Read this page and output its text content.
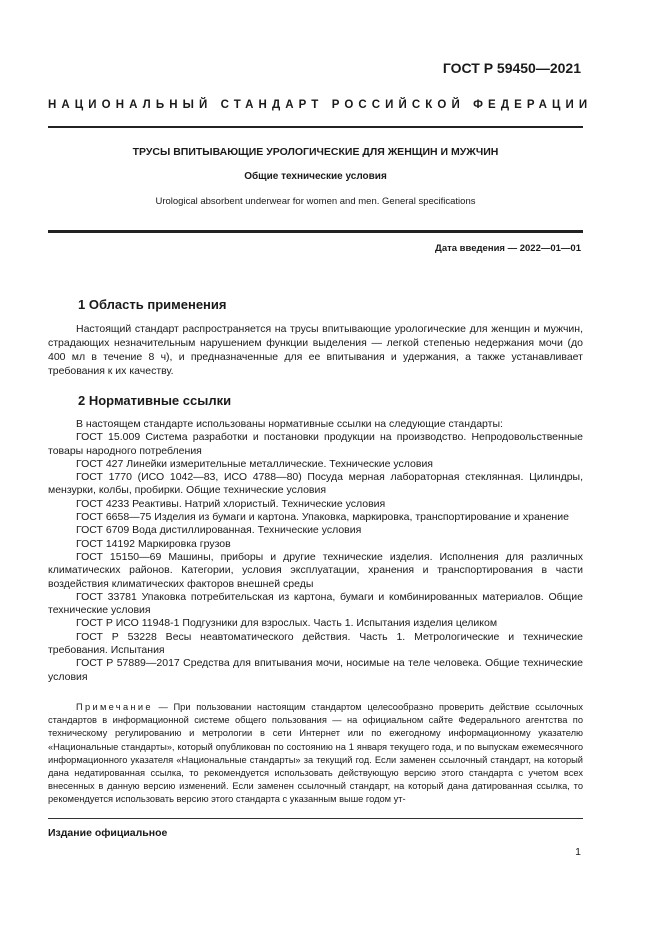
ГОСТ Р 59450—2021
НАЦИОНАЛЬНЫЙ СТАНДАРТ РОССИЙСКОЙ ФЕДЕРАЦИИ
ТРУСЫ ВПИТЫВАЮЩИЕ УРОЛОГИЧЕСКИЕ ДЛЯ ЖЕНЩИН И МУЖЧИН
Общие технические условия
Urological absorbent underwear for women and men. General specifications
Дата введения — 2022—01—01
1 Область применения

Настоящий стандарт распространяется на трусы впитывающие урологические для женщин и мужчин, страдающих незначительным нарушением функции выделения — легкой степенью недержания мочи (до 400 мл в течение 8 ч), и предназначенные для ее впитывания и удержания, а также устанавливает требования к их качеству.

2 Нормативные ссылки

В настоящем стандарте использованы нормативные ссылки на следующие стандарты:

ГОСТ 15.009 Система разработки и постановки продукции на производство. Непродовольственные товары народного потребления

ГОСТ 427 Линейки измерительные металлические. Технические условия

ГОСТ 1770 (ИСО 1042—83, ИСО 4788—80) Посуда мерная лабораторная стеклянная. Цилиндры, мензурки, колбы, пробирки. Общие технические условия

ГОСТ 4233 Реактивы. Натрий хлористый. Технические условия

ГОСТ 6658—75 Изделия из бумаги и картона. Упаковка, маркировка, транспортирование и хранение

ГОСТ 6709 Вода дистиллированная. Технические условия

ГОСТ 14192 Маркировка грузов

ГОСТ 15150—69 Машины, приборы и другие технические изделия. Исполнения для различных климатических районов. Категории, условия эксплуатации, хранения и транспортирования в части воздействия климатических факторов внешней среды

ГОСТ 33781 Упаковка потребительская из картона, бумаги и комбинированных материалов. Общие технические условия

ГОСТ Р ИСО 11948-1 Подгузники для взрослых. Часть 1. Испытания изделия целиком

ГОСТ Р 53228 Весы неавтоматического действия. Часть 1. Метрологические и технические требования. Испытания

ГОСТ Р 57889—2017 Средства для впитывания мочи, носимые на теле человека. Общие технические условия

Примечание — При пользовании настоящим стандартом целесообразно проверить действие ссылочных стандартов в информационной системе общего пользования — на официальном сайте Федерального агентства по техническому регулированию и метрологии в сети Интернет или по ежегодному информационному указателю «Национальные стандарты», который опубликован по состоянию на 1 января текущего года, и по выпускам ежемесячного информационного указателя «Национальные стандарты» за текущий год. Если заменен ссылочный стандарт, на который дана недатированная ссылка, то рекомендуется использовать действующую версию этого стандарта с учетом всех внесенных в данную версию изменений. Если заменен ссылочный стандарт, на который дана датированная ссылка, то рекомендуется использовать версию этого стандарта с указанным выше годом ут-
Издание официальное
1
